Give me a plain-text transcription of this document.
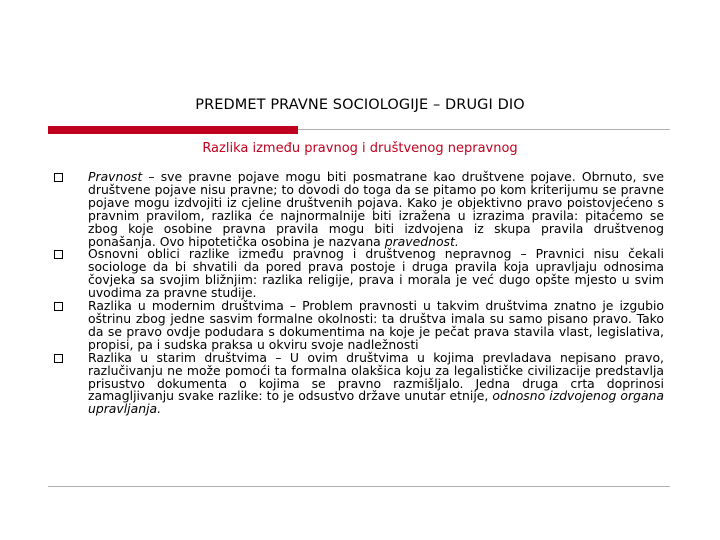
PREDMET PRAVNE SOCIOLOGIJE – DRUGI DIO
Razlika između pravnog i društvenog nepravnog
Pravnost – sve pravne pojave mogu biti posmatrane kao društvene pojave. Obrnuto, sve društvene pojave nisu pravne; to dovodi do toga da se pitamo po kom kriterijumu se pravne pojave mogu izdvojiti iz cjeline društvenih pojava. Kako je objektivno pravo poistovjećeno s pravnim pravilom, razlika će najnormalnije biti izražena u izrazima pravila: pitaćemo se zbog koje osobine pravna pravila mogu biti izdvojena iz skupa pravila društvenog ponašanja. Ovo hipotetička osobina je nazvana pravednost.
Osnovni oblici razlike između pravnog i društvenog nepravnog – Pravnici nisu čekali sociologe da bi shvatili da pored prava postoje i druga pravila koja upravljaju odnosima čovjeka sa svojim bližnjim: razlika religije, prava i morala je već dugo opšte mjesto u svim uvodima za pravne studije.
Razlika u modernim društvima – Problem pravnosti u takvim društvima znatno je izgubio oštrinu zbog jedne sasvim formalne okolnosti: ta društva imala su samo pisano pravo. Tako da se pravo ovdje podudara s dokumentima na koje je pečat prava stavila vlast, legislativa, propisi, pa i sudska praksa u okviru svoje nadležnosti
Razlika u starim društvima – U ovim društvima u kojima prevladava nepisano pravo, razlučivanju ne može pomoći ta formalna olakšica koju za legalističke civilizacije predstavlja prisustvo dokumenta o kojima se pravno razmišljalo. Jedna druga crta doprinosi zamagljivanju svake razlike: to je odsustvo države unutar etnije, odnosno izdvojenog organa upravljanja.
